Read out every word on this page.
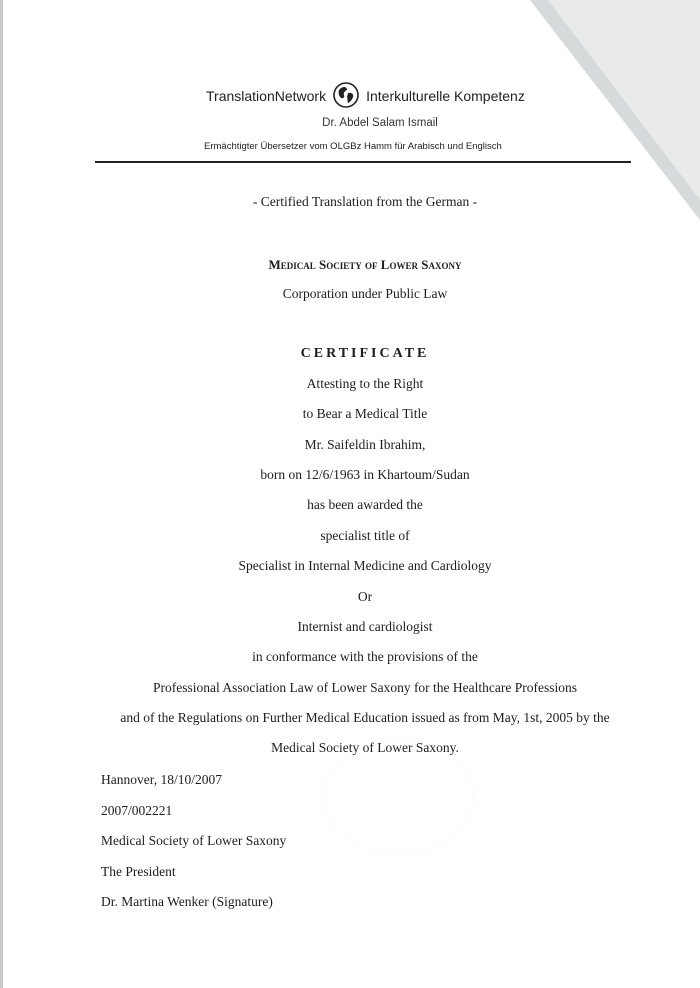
TranslationNetwork	Interkulturelle Kompetenz
Dr. Abdel Salam Ismail
Ermächtigter Übersetzer vom OLGBz Hamm für Arabisch und Englisch
- Certified Translation from the German -
Medical Society of Lower Saxony
Corporation under Public Law
CERTIFICATE
Attesting to the Right
to Bear a Medical Title
Mr. Saifeldin Ibrahim,
born on 12/6/1963 in Khartoum/Sudan
has been awarded the
specialist title of
Specialist in Internal Medicine and Cardiology
Or
Internist and cardiologist
in conformance with the provisions of the
Professional Association Law of Lower Saxony for the Healthcare Professions
and of the Regulations on Further Medical Education issued as from May, 1st, 2005 by the
Medical Society of Lower Saxony.
Hannover, 18/10/2007
2007/002221
Medical Society of Lower Saxony
The President
Dr. Martina Wenker (Signature)
